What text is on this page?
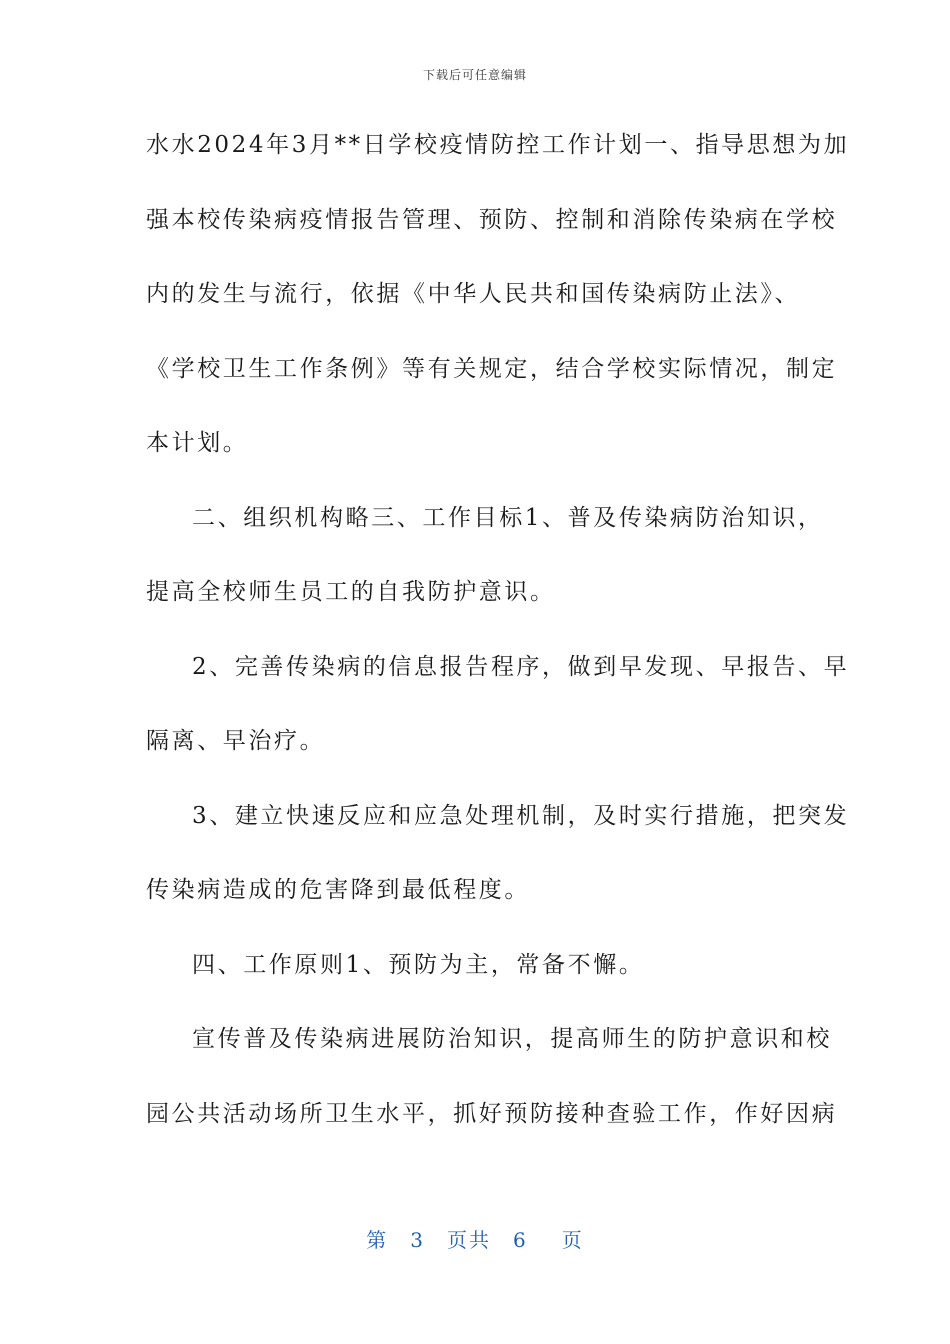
下载后可任意编辑
水水2024年3月**日学校疫情防控工作计划一、指导思想为加
强本校传染病疫情报告管理、预防、控制和消除传染病在学校
内的发生与流行，依据《中华人民共和国传染病防止法》、
《学校卫生工作条例》等有关规定，结合学校实际情况，制定
本计划。
二、组织机构略三、工作目标1、普及传染病防治知识，
提高全校师生员工的自我防护意识。
2、完善传染病的信息报告程序，做到早发现、早报告、早
隔离、早治疗。
3、建立快速反应和应急处理机制，及时实行措施，把突发
传染病造成的危害降到最低程度。
四、工作原则1、预防为主，常备不懈。
宣传普及传染病进展防治知识，提高师生的防护意识和校
园公共活动场所卫生水平，抓好预防接种查验工作，作好因病
第 3 页共 6 页
